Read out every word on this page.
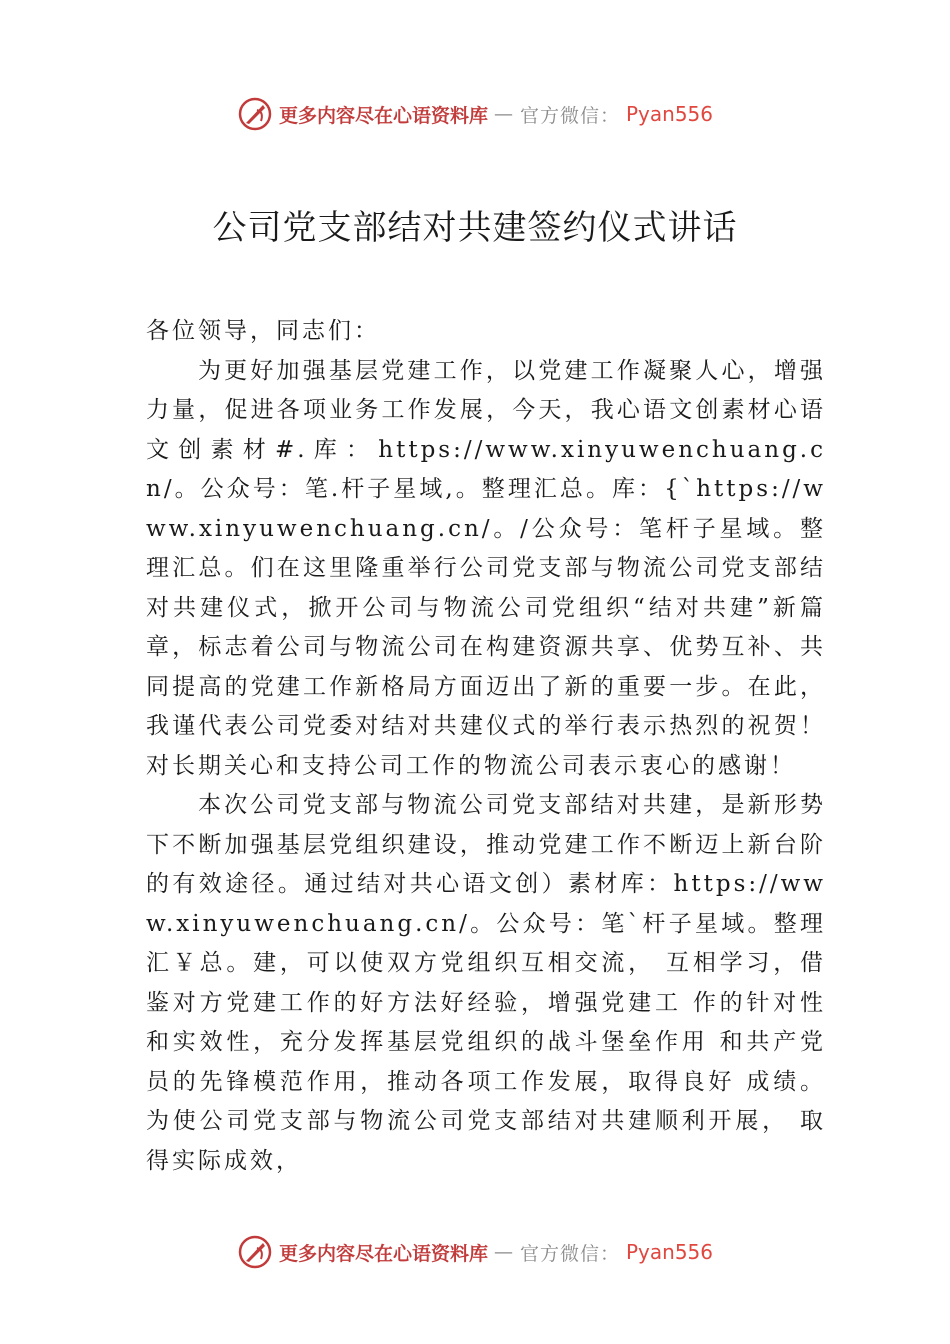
更多内容尽在心语资料库 — 官方微信： Pyan556
公司党支部结对共建签约仪式讲话

各位领导，同志们：

为更好加强基层党建工作，以党建工作凝聚人心，增强力量，促进各项业务工作发展，今天，我心语文创素材心语文创素材#.库：https://www.xinyuwenchuang.cn/。公众号：笔.杆子星域,。整理汇总。库：{`https://www.xinyuwenchuang.cn/。/公众号：笔杆子星域。整理汇总。们在这里隆重举行公司党支部与物流公司党支部结对共建仪式，掀开公司与物流公司党组织“结对共建”新篇章，标志着公司与物流公司在构建资源共享、优势互补、共同提高的党建工作新格局方面迈出了新的重要一步。在此，我谨代表公司党委对结对共建仪式的举行表示热烈的祝贺！对长期关心和支持公司工作的物流公司表示衷心的感谢！

本次公司党支部与物流公司党支部结对共建，是新形势下不断加强基层党组织建设，推动党建工作不断迈上新台阶的有效途径。通过结对共心语文创）素材库：https://www.xinyuwenchuang.cn/。公众号：笔`杆子星域。整理汇￥总。建，可以使双方党组织互相交流， 互相学习，借鉴对方党建工作的好方法好经验，增强党建工 作的针对性和实效性，充分发挥基层党组织的战斗堡垒作用 和共产党员的先锋模范作用，推动各项工作发展，取得良好 成绩。为使公司党支部与物流公司党支部结对共建顺利开展， 取得实际成效，

更多内容尽在心语资料库 — 官方微信： Pyan556
